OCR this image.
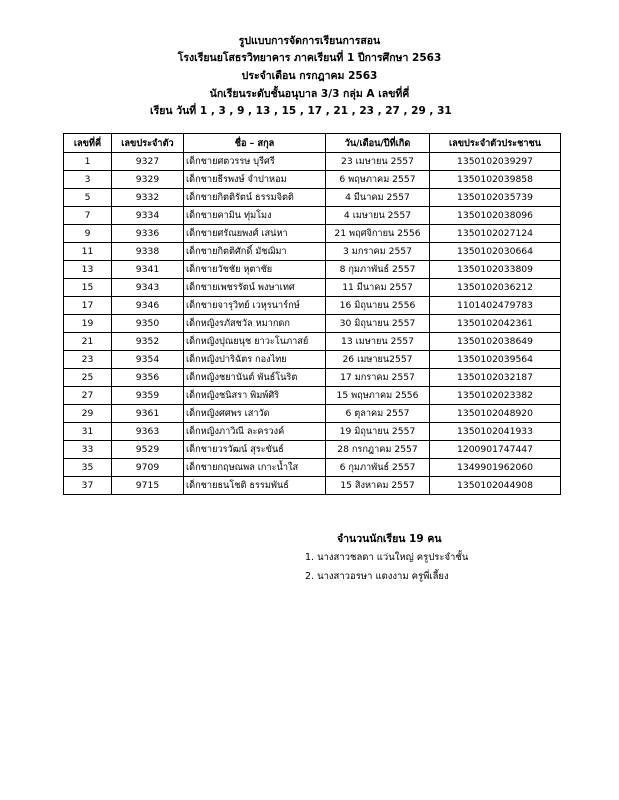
รูปแบบการจัดการเรียนการสอน
โรงเรียนยโสธรวิทยาคาร ภาคเรียนที่ 1 ปีการศึกษา 2563
ประจำเดือน กรกฎาคม 2563
นักเรียนระดับชั้นอนุบาล 3/3 กลุ่ม A เลขที่คี่
เรียน วันที่ 1 , 3 , 9 , 13 , 15 , 17 , 21 , 23 , 27 , 29 , 31
เลขที่คี่	เลขประจำตัว	ชื่อ – สกุล	วัน/เดือน/ปีที่เกิด	เลขประจำตัวประชาชน
1	9327	เด็กชายศตวรรษ บุรีศรี	23 เมษายน 2557	1350102039297
3	9329	เด็กชายธีรพงษ์ จำปาหอม	6 พฤษภาคม 2557	1350102039858
5	9332	เด็กชายกิตติรัตน์ ธรรมจิตติ	4 มีนาคม 2557	1350102035739
7	9334	เด็กชายคามิน ทุ่มโมง	4 เมษายน 2557	1350102038096
9	9336	เด็กชายศรัณยพงศ์ เสน่หา	21 พฤศจิกายน 2556	1350102027124
11	9338	เด็กชายกิตติศักดิ์ มัชฌิมา	3 มกราคม 2557	1350102030664
13	9341	เด็กชายวัชชัย หุตาชัย	8 กุมภาพันธ์ 2557	1350102033809
15	9343	เด็กชายเพชรรัตน์ พงษาเทศ	11 มีนาคม 2557	1350102036212
17	9346	เด็กชายจารุวิทย์ เวหุรนาร์กษ์	16 มิถุนายน 2556	1101402479783
19	9350	เด็กหญิงรภัสชวัล หมากดก	30 มิถุนายน 2557	1350102042361
21	9352	เด็กหญิงปุณยนุช ยาวะโนภาสย์	13 เมษายน 2557	1350102038649
23	9354	เด็กหญิงปาริฉัตร กองไทย	26 เมษายน2557	1350102039564
25	9356	เด็กหญิงชยานันต์ พันธ์โนริต	17 มกราคม 2557	1350102032187
27	9359	เด็กหญิงชนิสรา พิมพ์ศิริ	15 พฤษภาคม 2556	1350102023382
29	9361	เด็กหญิงศศพร เสาวัด	6 ตุลาคม 2557	1350102048920
31	9363	เด็กหญิงภาวิณี ละครวงค์	19 มิถุนายน 2557	1350102041933
33	9529	เด็กชายวรวัฒน์ สุระขันธ์	28 กรกฎาคม 2557	1200901747447
35	9709	เด็กชายกฤษณพล เกาะน้ำใส	6 กุมภาพันธ์ 2557	1349901962060
37	9715	เด็กชายธนโชติ ธรรมพันธ์	15 สิงหาคม 2557	1350102044908
จำนวนนักเรียน 19 คน
1. นางสาวชลดา แว่นใหญ่ ครูประจำชั้น
2. นางสาวอรษา แดงงาม ครูพี่เลี้ยง
